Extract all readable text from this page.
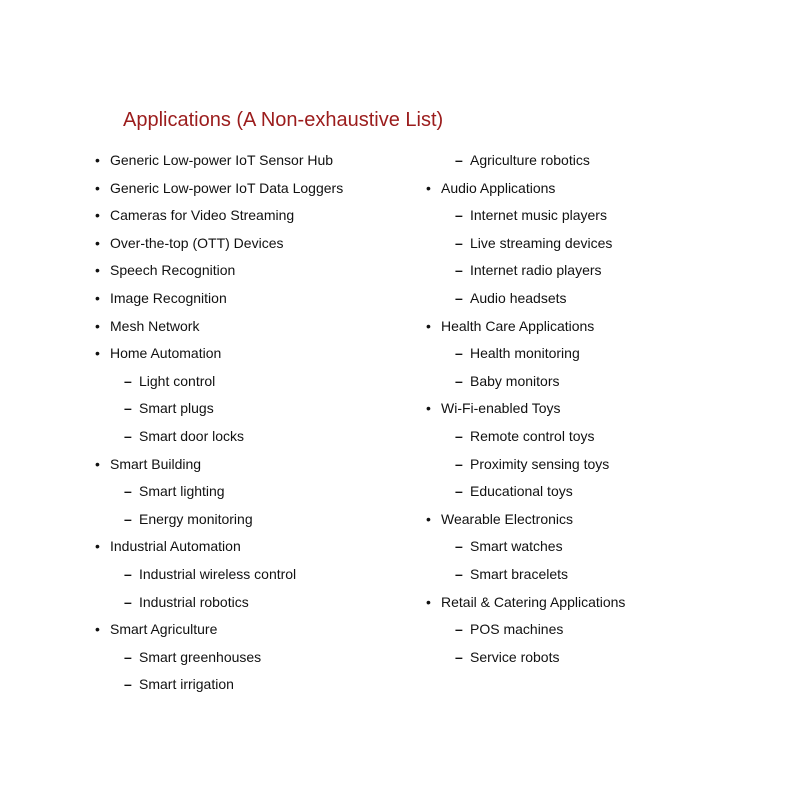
Applications (A Non-exhaustive List)
• Generic Low-power IoT Sensor Hub
• Generic Low-power IoT Data Loggers
• Cameras for Video Streaming
• Over-the-top (OTT) Devices
• Speech Recognition
• Image Recognition
• Mesh Network
• Home Automation
– Light control
– Smart plugs
– Smart door locks
• Smart Building
– Smart lighting
– Energy monitoring
• Industrial Automation
– Industrial wireless control
– Industrial robotics
• Smart Agriculture
– Smart greenhouses
– Smart irrigation
– Agriculture robotics
• Audio Applications
– Internet music players
– Live streaming devices
– Internet radio players
– Audio headsets
• Health Care Applications
– Health monitoring
– Baby monitors
• Wi-Fi-enabled Toys
– Remote control toys
– Proximity sensing toys
– Educational toys
• Wearable Electronics
– Smart watches
– Smart bracelets
• Retail & Catering Applications
– POS machines
– Service robots
